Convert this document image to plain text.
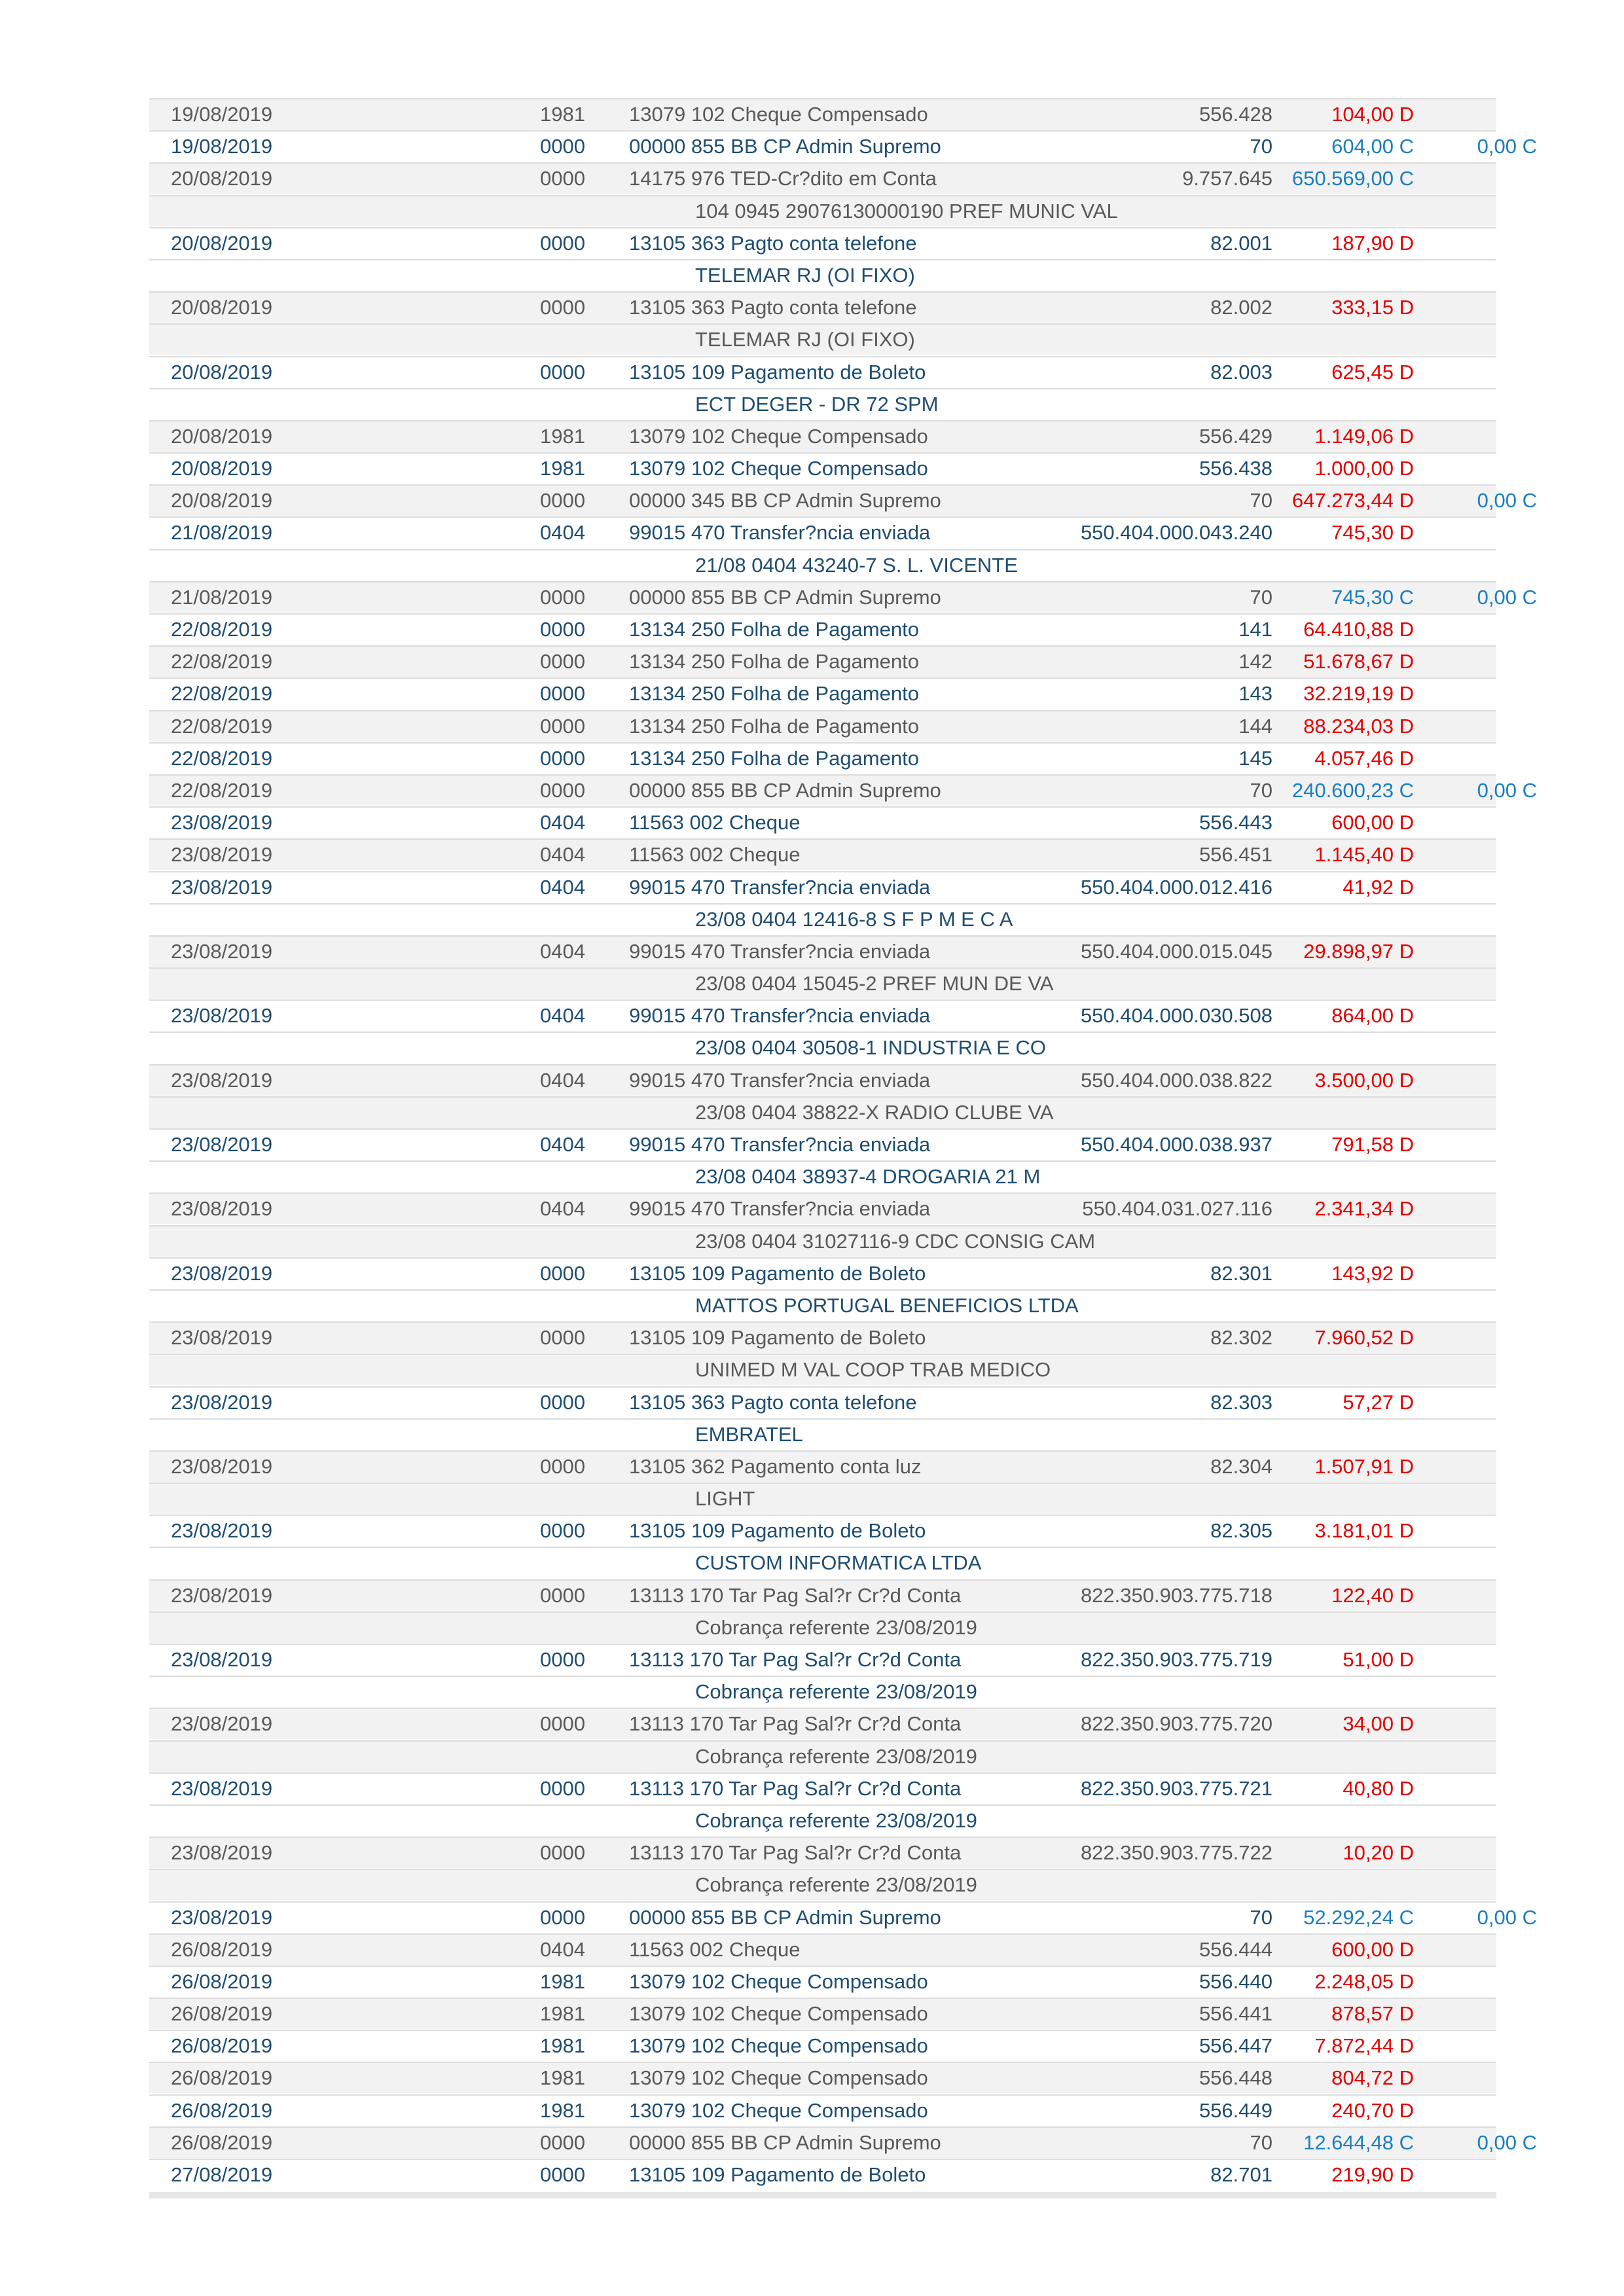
19/08/2019	1981 13079 102 Cheque Compensado	556.428	104,00 D
19/08/2019	0000 00000 855 BB CP Admin Supremo	70	604,00 C	0,00 C
20/08/2019	0000 14175 976 TED-Cr?dito em Conta	9.757.645 650.569,00 C
104 0945 29076130000190 PREF MUNIC VAL
20/08/2019	0000 13105 363 Pagto conta telefone	82.001	187,90 D
TELEMAR RJ (OI FIXO)
20/08/2019	0000 13105 363 Pagto conta telefone	82.002	333,15 D
TELEMAR RJ (OI FIXO)
20/08/2019	0000 13105 109 Pagamento de Boleto	82.003	625,45 D
ECT DEGER - DR 72 SPM
20/08/2019	1981 13079 102 Cheque Compensado	556.429	1.149,06 D
20/08/2019	1981 13079 102 Cheque Compensado	556.438	1.000,00 D
20/08/2019	0000 00000 345 BB CP Admin Supremo	70 647.273,44 D	0,00 C
21/08/2019	0404 99015 470 Transfer?ncia enviada	550.404.000.043.240	745,30 D
21/08 0404 43240-7 S. L. VICENTE
21/08/2019	0000 00000 855 BB CP Admin Supremo	70	745,30 C	0,00 C
22/08/2019	0000 13134 250 Folha de Pagamento	141	64.410,88 D
22/08/2019	0000 13134 250 Folha de Pagamento	142	51.678,67 D
22/08/2019	0000 13134 250 Folha de Pagamento	143	32.219,19 D
22/08/2019	0000 13134 250 Folha de Pagamento	144	88.234,03 D
22/08/2019	0000 13134 250 Folha de Pagamento	145	4.057,46 D
22/08/2019	0000 00000 855 BB CP Admin Supremo	70 240.600,23 C	0,00 C
23/08/2019	0404 11563 002 Cheque	556.443	600,00 D
23/08/2019	0404 11563 002 Cheque	556.451	1.145,40 D
23/08/2019	0404 99015 470 Transfer?ncia enviada	550.404.000.012.416	41,92 D
23/08 0404 12416-8 S F P M E C A
23/08/2019	0404 99015 470 Transfer?ncia enviada	550.404.000.015.045	29.898,97 D
23/08 0404 15045-2 PREF MUN DE VA
23/08/2019	0404 99015 470 Transfer?ncia enviada	550.404.000.030.508	864,00 D
23/08 0404 30508-1 INDUSTRIA E CO
23/08/2019	0404 99015 470 Transfer?ncia enviada	550.404.000.038.822	3.500,00 D
23/08 0404 38822-X RADIO CLUBE VA
23/08/2019	0404 99015 470 Transfer?ncia enviada	550.404.000.038.937	791,58 D
23/08 0404 38937-4 DROGARIA 21 M
23/08/2019	0404 99015 470 Transfer?ncia enviada	550.404.031.027.116	2.341,34 D
23/08 0404 31027116-9 CDC CONSIG CAM
23/08/2019	0000 13105 109 Pagamento de Boleto	82.301	143,92 D
MATTOS PORTUGAL BENEFICIOS LTDA
23/08/2019	0000 13105 109 Pagamento de Boleto	82.302	7.960,52 D
UNIMED M VAL COOP TRAB MEDICO
23/08/2019	0000 13105 363 Pagto conta telefone	82.303	57,27 D
EMBRATEL
23/08/2019	0000 13105 362 Pagamento conta luz	82.304	1.507,91 D
LIGHT
23/08/2019	0000 13105 109 Pagamento de Boleto	82.305	3.181,01 D
CUSTOM INFORMATICA LTDA
23/08/2019	0000 13113 170 Tar Pag Sal?r Cr?d Conta	822.350.903.775.718	122,40 D
Cobrança referente 23/08/2019
23/08/2019	0000 13113 170 Tar Pag Sal?r Cr?d Conta	822.350.903.775.719	51,00 D
Cobrança referente 23/08/2019
23/08/2019	0000 13113 170 Tar Pag Sal?r Cr?d Conta	822.350.903.775.720	34,00 D
Cobrança referente 23/08/2019
23/08/2019	0000 13113 170 Tar Pag Sal?r Cr?d Conta	822.350.903.775.721	40,80 D
Cobrança referente 23/08/2019
23/08/2019	0000 13113 170 Tar Pag Sal?r Cr?d Conta	822.350.903.775.722	10,20 D
Cobrança referente 23/08/2019
23/08/2019	0000 00000 855 BB CP Admin Supremo	70	52.292,24 C	0,00 C
26/08/2019	0404 11563 002 Cheque	556.444	600,00 D
26/08/2019	1981 13079 102 Cheque Compensado	556.440	2.248,05 D
26/08/2019	1981 13079 102 Cheque Compensado	556.441	878,57 D
26/08/2019	1981 13079 102 Cheque Compensado	556.447	7.872,44 D
26/08/2019	1981 13079 102 Cheque Compensado	556.448	804,72 D
26/08/2019	1981 13079 102 Cheque Compensado	556.449	240,70 D
26/08/2019	0000 00000 855 BB CP Admin Supremo	70	12.644,48 C	0,00 C
27/08/2019	0000 13105 109 Pagamento de Boleto	82.701	219,90 D
